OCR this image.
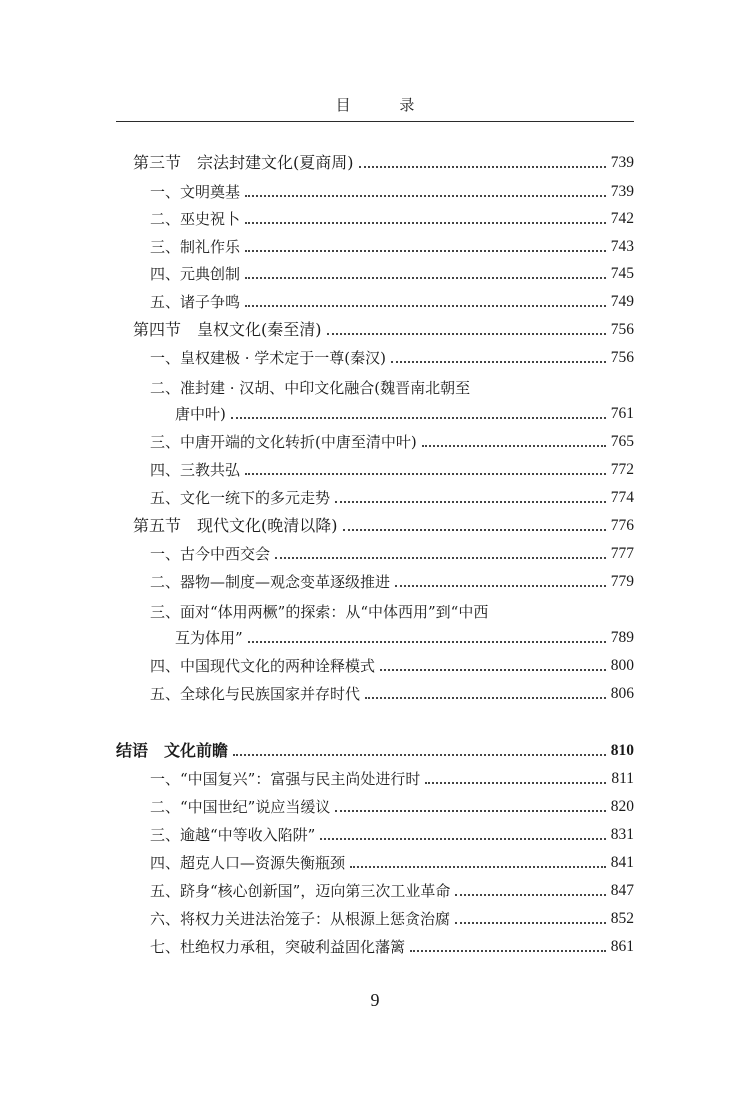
目 录
第三节　宗法封建文化(夏商周)	739
一、文明奠基	739
二、巫史祝卜	742
三、制礼作乐	743
四、元典创制	745
五、诸子争鸣	749
第四节　皇权文化(秦至清)	756
一、皇权建极 · 学术定于一尊(秦汉)	756
二、准封建 · 汉胡、中印文化融合(魏晋南北朝至
唐中叶)	761
三、中唐开端的文化转折(中唐至清中叶)	765
四、三教共弘	772
五、文化一统下的多元走势	774
第五节　现代文化(晚清以降)	776
一、古今中西交会	777
二、器物—制度—观念变革逐级推进	779
三、面对“体用两橛”的探索：从“中体西用”到“中西
互为体用”	789
四、中国现代文化的两种诠释模式	800
五、全球化与民族国家并存时代	806
结语　文化前瞻	810
一、“中国复兴”：富强与民主尚处进行时	811
二、“中国世纪”说应当缓议	820
三、逾越“中等收入陷阱”	831
四、超克人口—资源失衡瓶颈	841
五、跻身“核心创新国”，迈向第三次工业革命	847
六、将权力关进法治笼子：从根源上惩贪治腐	852
七、杜绝权力承租，突破利益固化藩篱	861
9
